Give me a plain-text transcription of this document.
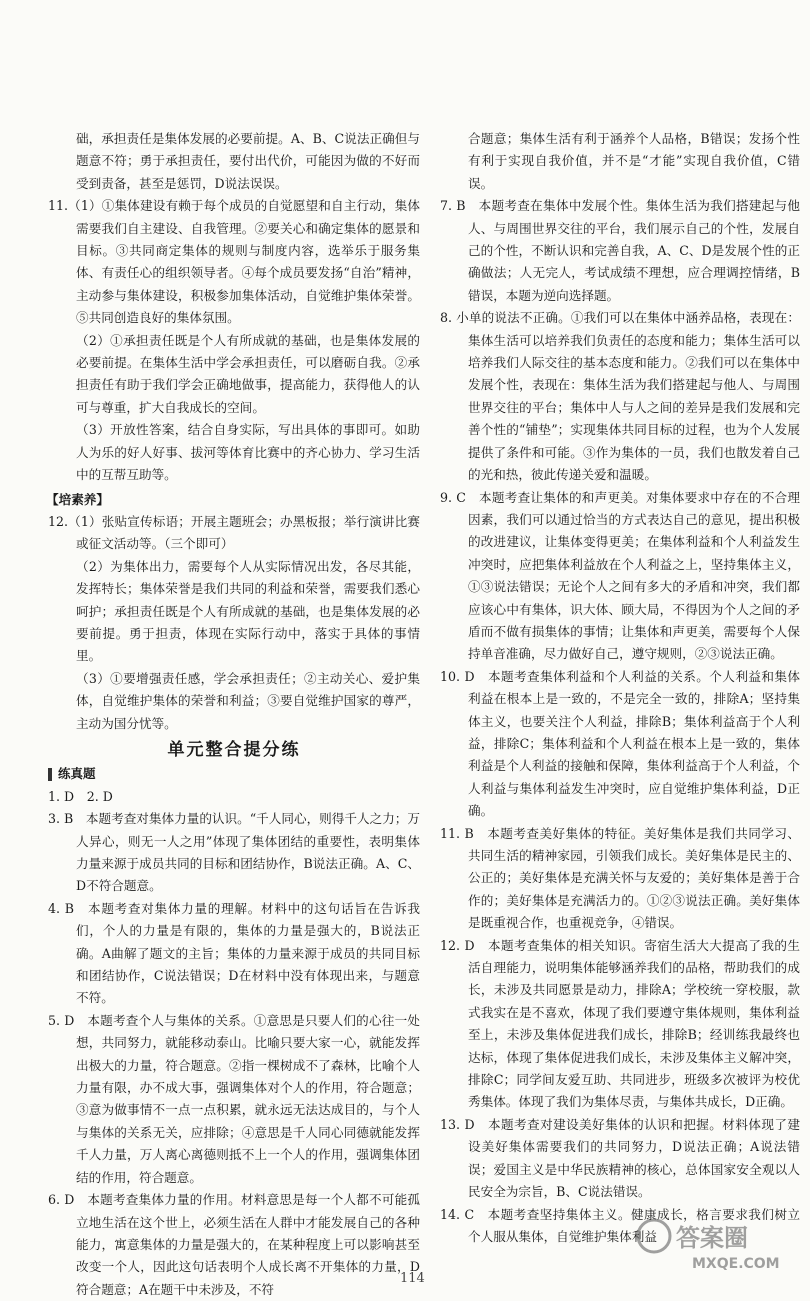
础，承担责任是集体发展的必要前提。A、B、C说法正确但与题意不符；勇于承担责任，要付出代价，可能因为做的不好而受到责备，甚至是惩罚，D说法误误。

11.（1）①集体建设有赖于每个成员的自觉愿望和自主行动，集体需要我们自主建设、自我管理。②要关心和确定集体的愿景和目标。③共同商定集体的规则与制度内容，选举乐于服务集体、有责任心的组织领导者。④每个成员要发扬“自治”精神，主动参与集体建设，积极参加集体活动，自觉维护集体荣誉。⑤共同创造良好的集体氛围。

（2）①承担责任既是个人有所成就的基础，也是集体发展的必要前提。在集体生活中学会承担责任，可以磨砺自我。②承担责任有助于我们学会正确地做事，提高能力，获得他人的认可与尊重，扩大自我成长的空间。

（3）开放性答案，结合自身实际，写出具体的事即可。如助人为乐的好人好事、拔河等体育比赛中的齐心协力、学习生活中的互帮互助等。

【培素养】

12.（1）张贴宣传标语；开展主题班会；办黑板报；举行演讲比赛或征文活动等。（三个即可）

（2）为集体出力，需要每个人从实际情况出发，各尽其能，发挥特长；集体荣誉是我们共同的利益和荣誉，需要我们悉心呵护；承担责任既是个人有所成就的基础，也是集体发展的必要前提。勇于担责，体现在实际行动中，落实于具体的事情里。

（3）①要增强责任感，学会承担责任；②主动关心、爱护集体，自觉维护集体的荣誉和利益；③要自觉维护国家的尊严，主动为国分忧等。

单元整合提分练
练真题

1. D　2. D

3. B　本题考查对集体力量的认识。“千人同心，则得千人之力；万人异心，则无一人之用”体现了集体团结的重要性，表明集体力量来源于成员共同的目标和团结协作，B说法正确。A、C、D不符合题意。

4. B　本题考查对集体力量的理解。材料中的这句话旨在告诉我们，个人的力量是有限的，集体的力量是强大的，B说法正确。A曲解了题文的主旨；集体的力量来源于成员的共同目标和团结协作，C说法错误；D在材料中没有体现出来，与题意不符。

5. D　本题考查个人与集体的关系。①意思是只要人们的心往一处想，共同努力，就能移动泰山。比喻只要大家一心，就能发挥出极大的力量，符合题意。②指一棵树成不了森林，比喻个人力量有限，办不成大事，强调集体对个人的作用，符合题意；③意为做事情不一点一点积累，就永远无法达成目的，与个人与集体的关系无关，应排除；④意思是千人同心同德就能发挥千人力量，万人离心离德则抵不上一个人的作用，强调集体团结的作用，符合题意。

6. D　本题考查集体力量的作用。材料意思是每一个人都不可能孤立地生活在这个世上，必须生活在人群中才能发展自己的各种能力，寓意集体的力量是强大的，在某种程度上可以影响甚至改变一个人，因此这句话表明个人成长离不开集体的力量，D符合题意；A在题干中未涉及，不符

合题意；集体生活有利于涵养个人品格，B错误；发扬个性有利于实现自我价值，并不是“才能”实现自我价值，C错误。

7. B　本题考查在集体中发展个性。集体生活为我们搭建起与他人、与周围世界交往的平台，我们展示自己的个性，发展自己的个性，不断认识和完善自我，A、C、D是发展个性的正确做法；人无完人，考试成绩不理想，应合理调控情绪，B错误，本题为逆向选择题。

8. 小单的说法不正确。①我们可以在集体中涵养品格，表现在：集体生活可以培养我们负责任的态度和能力；集体生活可以培养我们人际交往的基本态度和能力。②我们可以在集体中发展个性，表现在：集体生活为我们搭建起与他人、与周围世界交往的平台；集体中人与人之间的差异是我们发展和完善个性的“铺垫”；实现集体共同目标的过程，也为个人发展提供了条件和可能。③作为集体的一员，我们也散发着自己的光和热，彼此传递关爱和温暖。

9. C　本题考查让集体的和声更美。对集体要求中存在的不合理因素，我们可以通过恰当的方式表达自己的意见，提出积极的改进建议，让集体变得更美；在集体利益和个人利益发生冲突时，应把集体利益放在个人利益之上，坚持集体主义，①③说法错误；无论个人之间有多大的矛盾和冲突，我们都应该心中有集体，识大体、顾大局，不得因为个人之间的矛盾而不做有损集体的事情；让集体和声更美，需要每个人保持单音准确，尽力做好自己，遵守规则，②③说法正确。

10. D　本题考查集体利益和个人利益的关系。个人利益和集体利益在根本上是一致的，不是完全一致的，排除A；坚持集体主义，也要关注个人利益，排除B；集体利益高于个人利益，排除C；集体利益和个人利益在根本上是一致的，集体利益是个人利益的接触和保障，集体利益高于个人利益，个人利益与集体利益发生冲突时，应自觉维护集体利益，D正确。

11. B　本题考查美好集体的特征。美好集体是我们共同学习、共同生活的精神家园，引领我们成长。美好集体是民主的、公正的；美好集体是充满关怀与友爱的；美好集体是善于合作的；美好集体是充满活力的。①②③说法正确。美好集体是既重视合作，也重视竞争，④错误。

12. D　本题考查集体的相关知识。寄宿生活大大提高了我的生活自理能力，说明集体能够涵养我们的品格，帮助我们的成长，未涉及共同愿景是动力，排除A；学校统一穿校服，款式我实在是不喜欢，体现了我们要遵守集体规则，集体利益至上，未涉及集体促进我们成长，排除B；经训练我最终也达标，体现了集体促进我们成长，未涉及集体主义解冲突，排除C；同学间友爱互助、共同进步，班级多次被评为校优秀集体。体现了我们为集体尽责，与集体共成长，D正确。

13. D　本题考查对建设美好集体的认识和把握。材料体现了建设美好集体需要我们的共同努力，D说法正确；A说法错误；爱国主义是中华民族精神的核心，总体国家安全观以人民安全为宗旨，B、C说法错误。

14. C　本题考查坚持集体主义。健康成长，格言要求我们树立个人服从集体，自觉维护集体利益

114
答案圈
MXQE.COM
